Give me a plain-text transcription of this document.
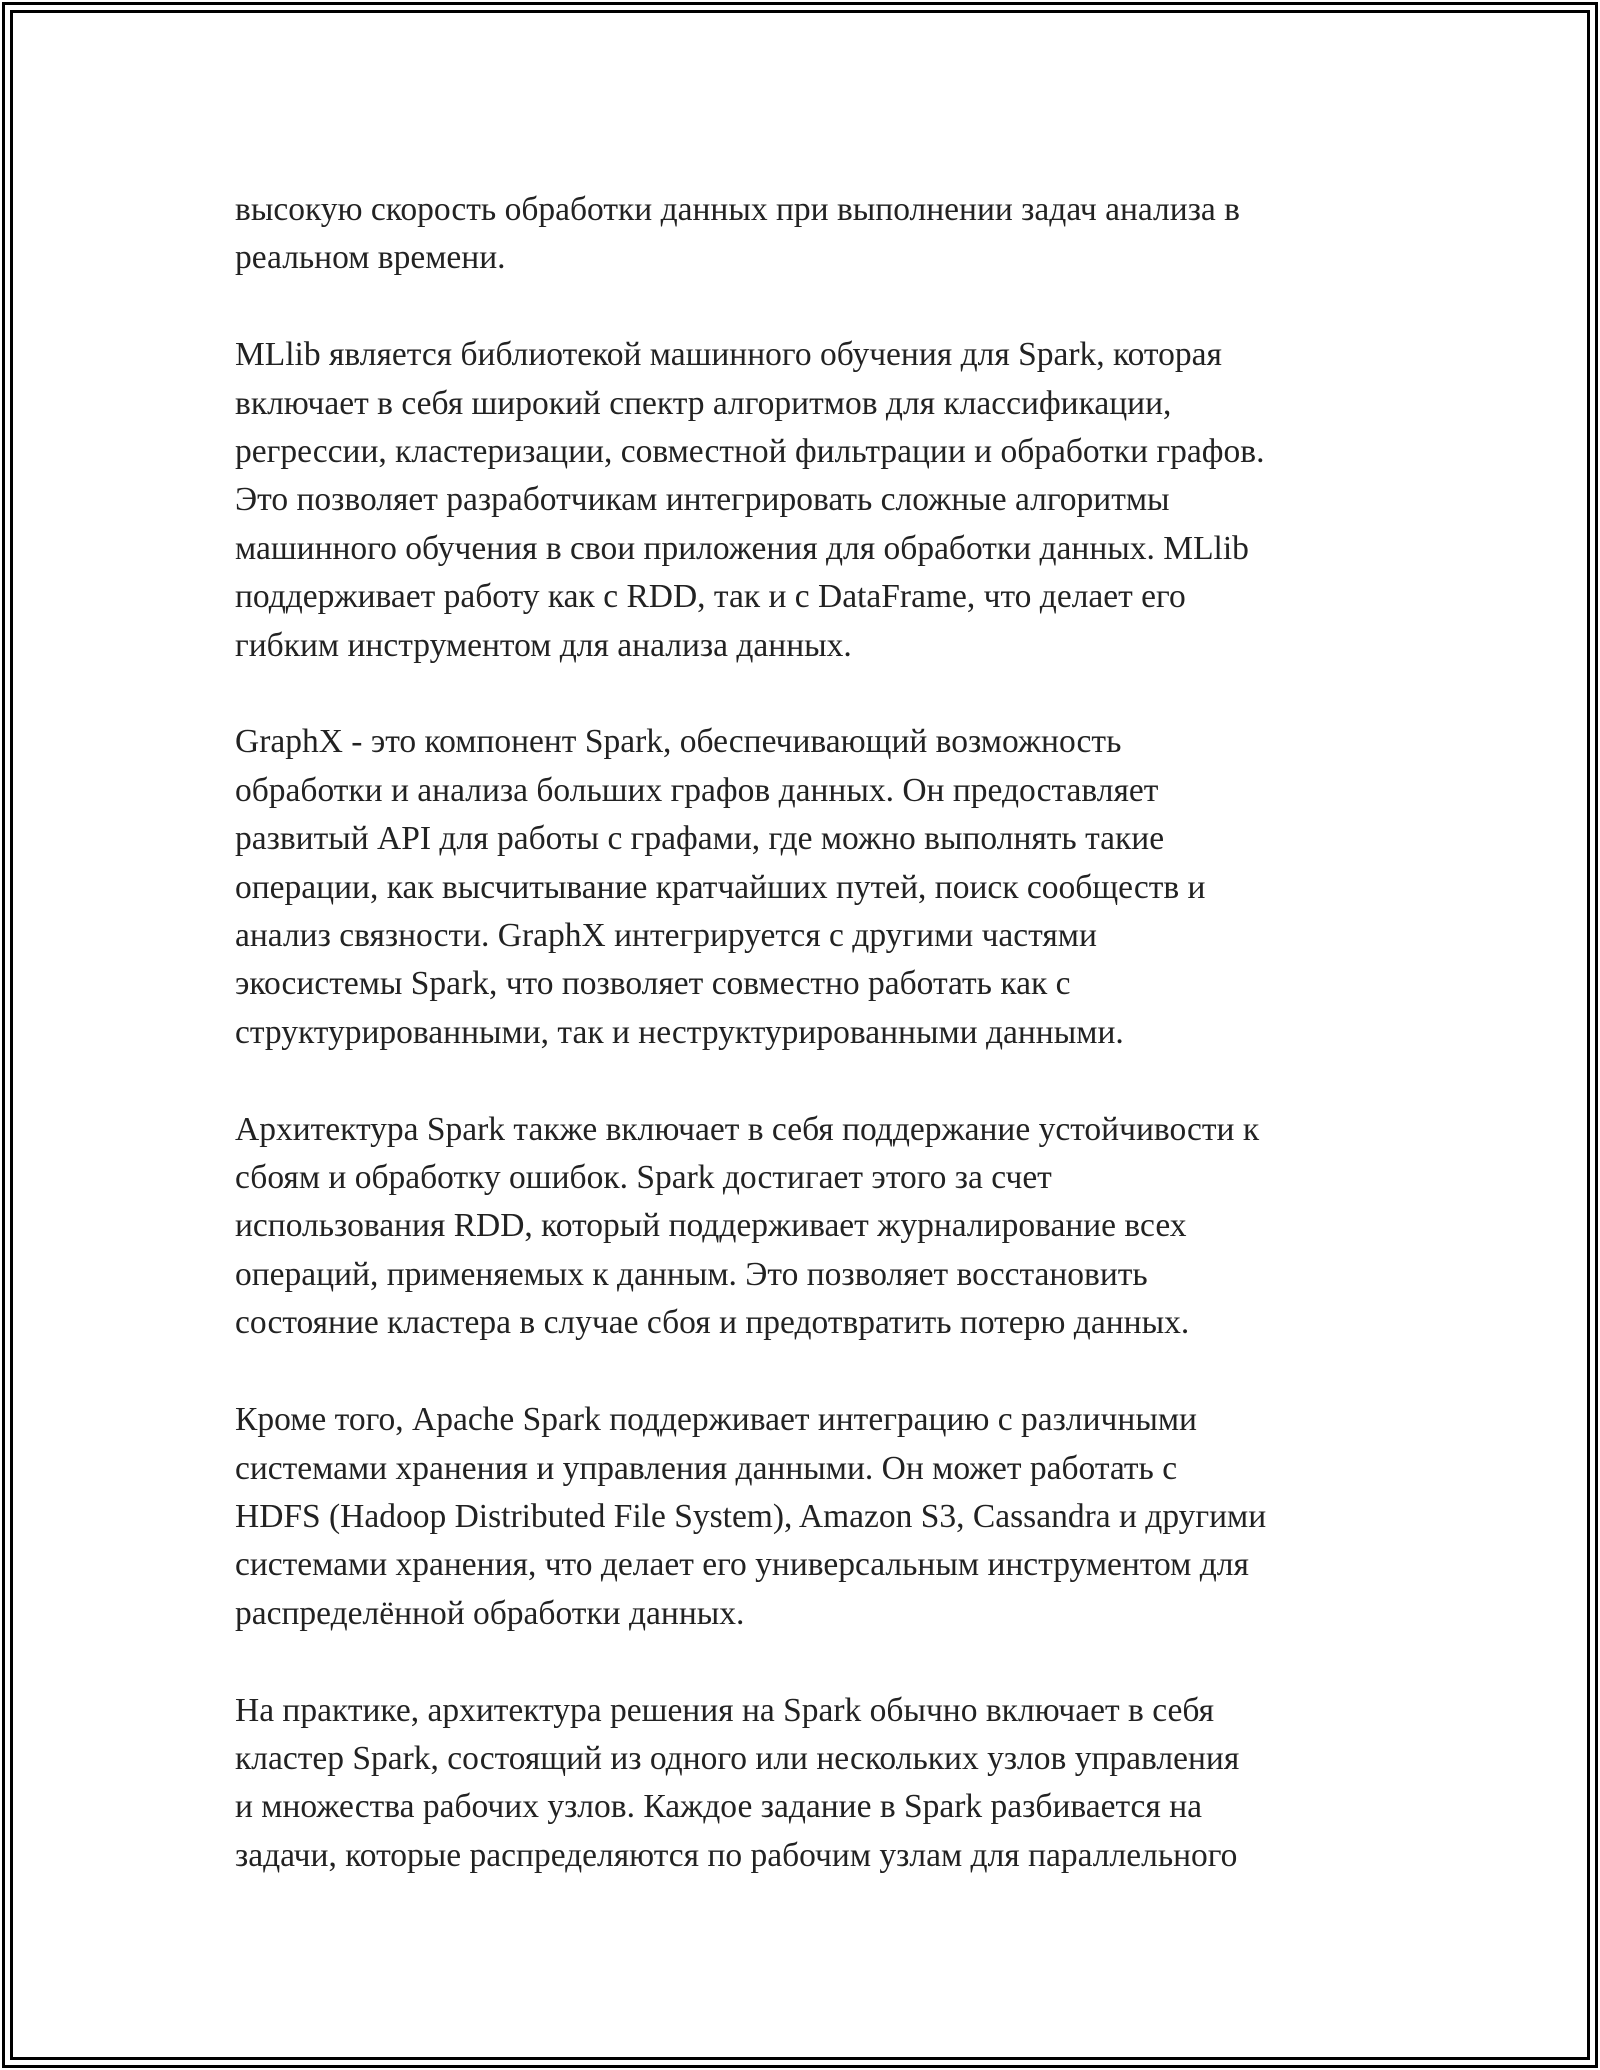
высокую скорость обработки данных при выполнении задач анализа в
реальном времени.

MLlib является библиотекой машинного обучения для Spark, которая
включает в себя широкий спектр алгоритмов для классификации,
регрессии, кластеризации, совместной фильтрации и обработки графов.
Это позволяет разработчикам интегрировать сложные алгоритмы
машинного обучения в свои приложения для обработки данных. MLlib
поддерживает работу как с RDD, так и с DataFrame, что делает его
гибким инструментом для анализа данных.

GraphX - это компонент Spark, обеспечивающий возможность
обработки и анализа больших графов данных. Он предоставляет
развитый API для работы с графами, где можно выполнять такие
операции, как высчитывание кратчайших путей, поиск сообществ и
анализ связности. GraphX интегрируется с другими частями
экосистемы Spark, что позволяет совместно работать как с
структурированными, так и неструктурированными данными.

Архитектура Spark также включает в себя поддержание устойчивости к
сбоям и обработку ошибок. Spark достигает этого за счет
использования RDD, который поддерживает журналирование всех
операций, применяемых к данным. Это позволяет восстановить
состояние кластера в случае сбоя и предотвратить потерю данных.

Кроме того, Apache Spark поддерживает интеграцию с различными
системами хранения и управления данными. Он может работать с
HDFS (Hadoop Distributed File System), Amazon S3, Cassandra и другими
системами хранения, что делает его универсальным инструментом для
распределённой обработки данных.

На практике, архитектура решения на Spark обычно включает в себя
кластер Spark, состоящий из одного или нескольких узлов управления
и множества рабочих узлов. Каждое задание в Spark разбивается на
задачи, которые распределяются по рабочим узлам для параллельного
